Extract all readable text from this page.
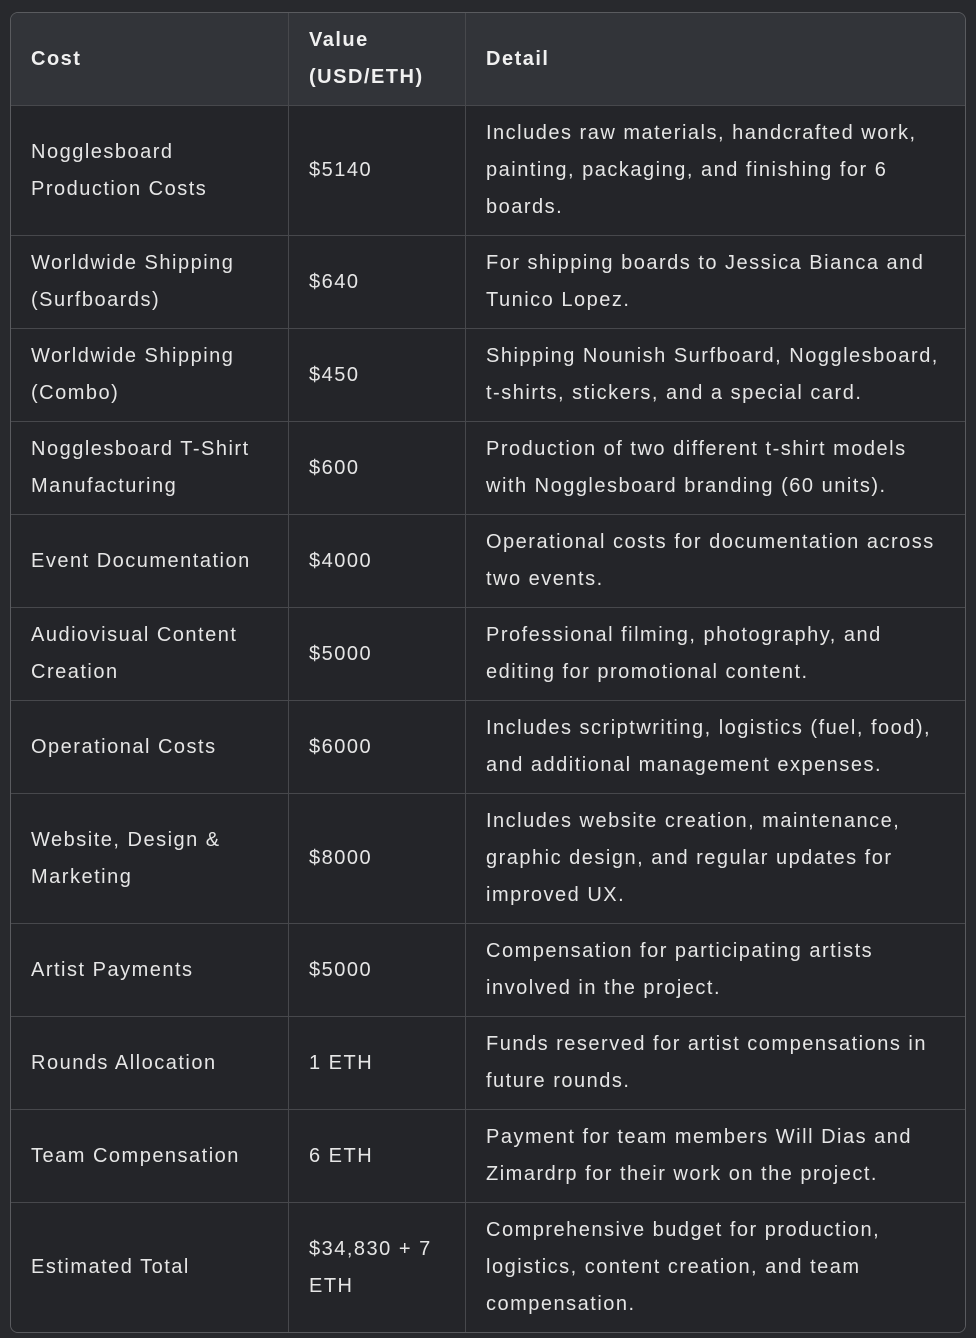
Cost	Value (USD/ETH)	Detail
Nogglesboard Production Costs	$5140	Includes raw materials, handcrafted work, painting, packaging, and finishing for 6 boards.
Worldwide Shipping (Surfboards)	$640	For shipping boards to Jessica Bianca and Tunico Lopez.
Worldwide Shipping (Combo)	$450	Shipping Nounish Surfboard, Nogglesboard, t-shirts, stickers, and a special card.
Nogglesboard T-Shirt Manufacturing	$600	Production of two different t-shirt models with Nogglesboard branding (60 units).
Event Documentation	$4000	Operational costs for documentation across two events.
Audiovisual Content Creation	$5000	Professional filming, photography, and editing for promotional content.
Operational Costs	$6000	Includes scriptwriting, logistics (fuel, food), and additional management expenses.
Website, Design & Marketing	$8000	Includes website creation, maintenance, graphic design, and regular updates for improved UX.
Artist Payments	$5000	Compensation for participating artists involved in the project.
Rounds Allocation	1 ETH	Funds reserved for artist compensations in future rounds.
Team Compensation	6 ETH	Payment for team members Will Dias and Zimardrp for their work on the project.
Estimated Total	$34,830 + 7 ETH	Comprehensive budget for production, logistics, content creation, and team compensation.
